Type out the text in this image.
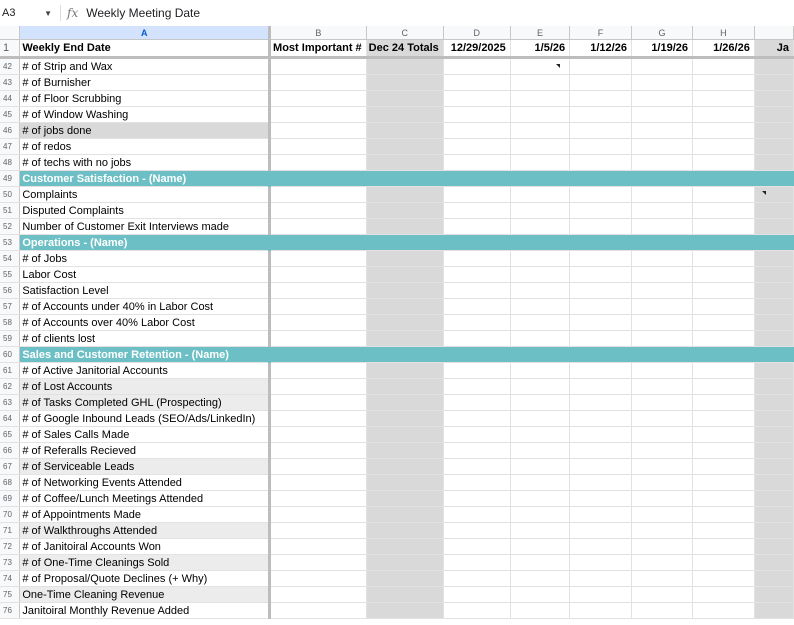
A3	▼ fx Weekly Meeting Date
	A	B	C	D	E	F	G	H	
1	Weekly End Date	Most Important #	Dec 24 Totals	12/29/2025	1/5/26	1/12/26	1/19/26	1/26/26	Ja
42	# of Strip and Wax								
43	# of Burnisher								
44	# of Floor Scrubbing								
45	# of Window Washing								
46	# of jobs done								
47	# of redos								
48	# of techs with no jobs								
49	Customer Satisfaction - (Name)								
50	Complaints								
51	Disputed Complaints								
52	Number of Customer Exit Interviews made								
53	Operations - (Name)								
54	# of Jobs								
55	Labor Cost								
56	Satisfaction Level								
57	# of Accounts under 40% in Labor Cost								
58	# of Accounts over 40% Labor Cost								
59	# of clients lost								
60	Sales and Customer Retention - (Name)								
61	# of Active Janitorial Accounts								
62	# of Lost Accounts								
63	# of Tasks Completed GHL (Prospecting)								
64	# of Google Inbound Leads (SEO/Ads/LinkedIn)								
65	# of Sales Calls Made								
66	# of Referalls Recieved								
67	# of Serviceable Leads								
68	# of Networking Events Attended								
69	# of Coffee/Lunch Meetings Attended								
70	# of Appointments Made								
71	# of Walkthroughs Attended								
72	# of Janitoiral Accounts Won								
73	# of One-Time Cleanings Sold								
74	# of Proposal/Quote Declines (+ Why)								
75	One-Time Cleaning Revenue								
76	Janitoiral Monthly Revenue Added								
